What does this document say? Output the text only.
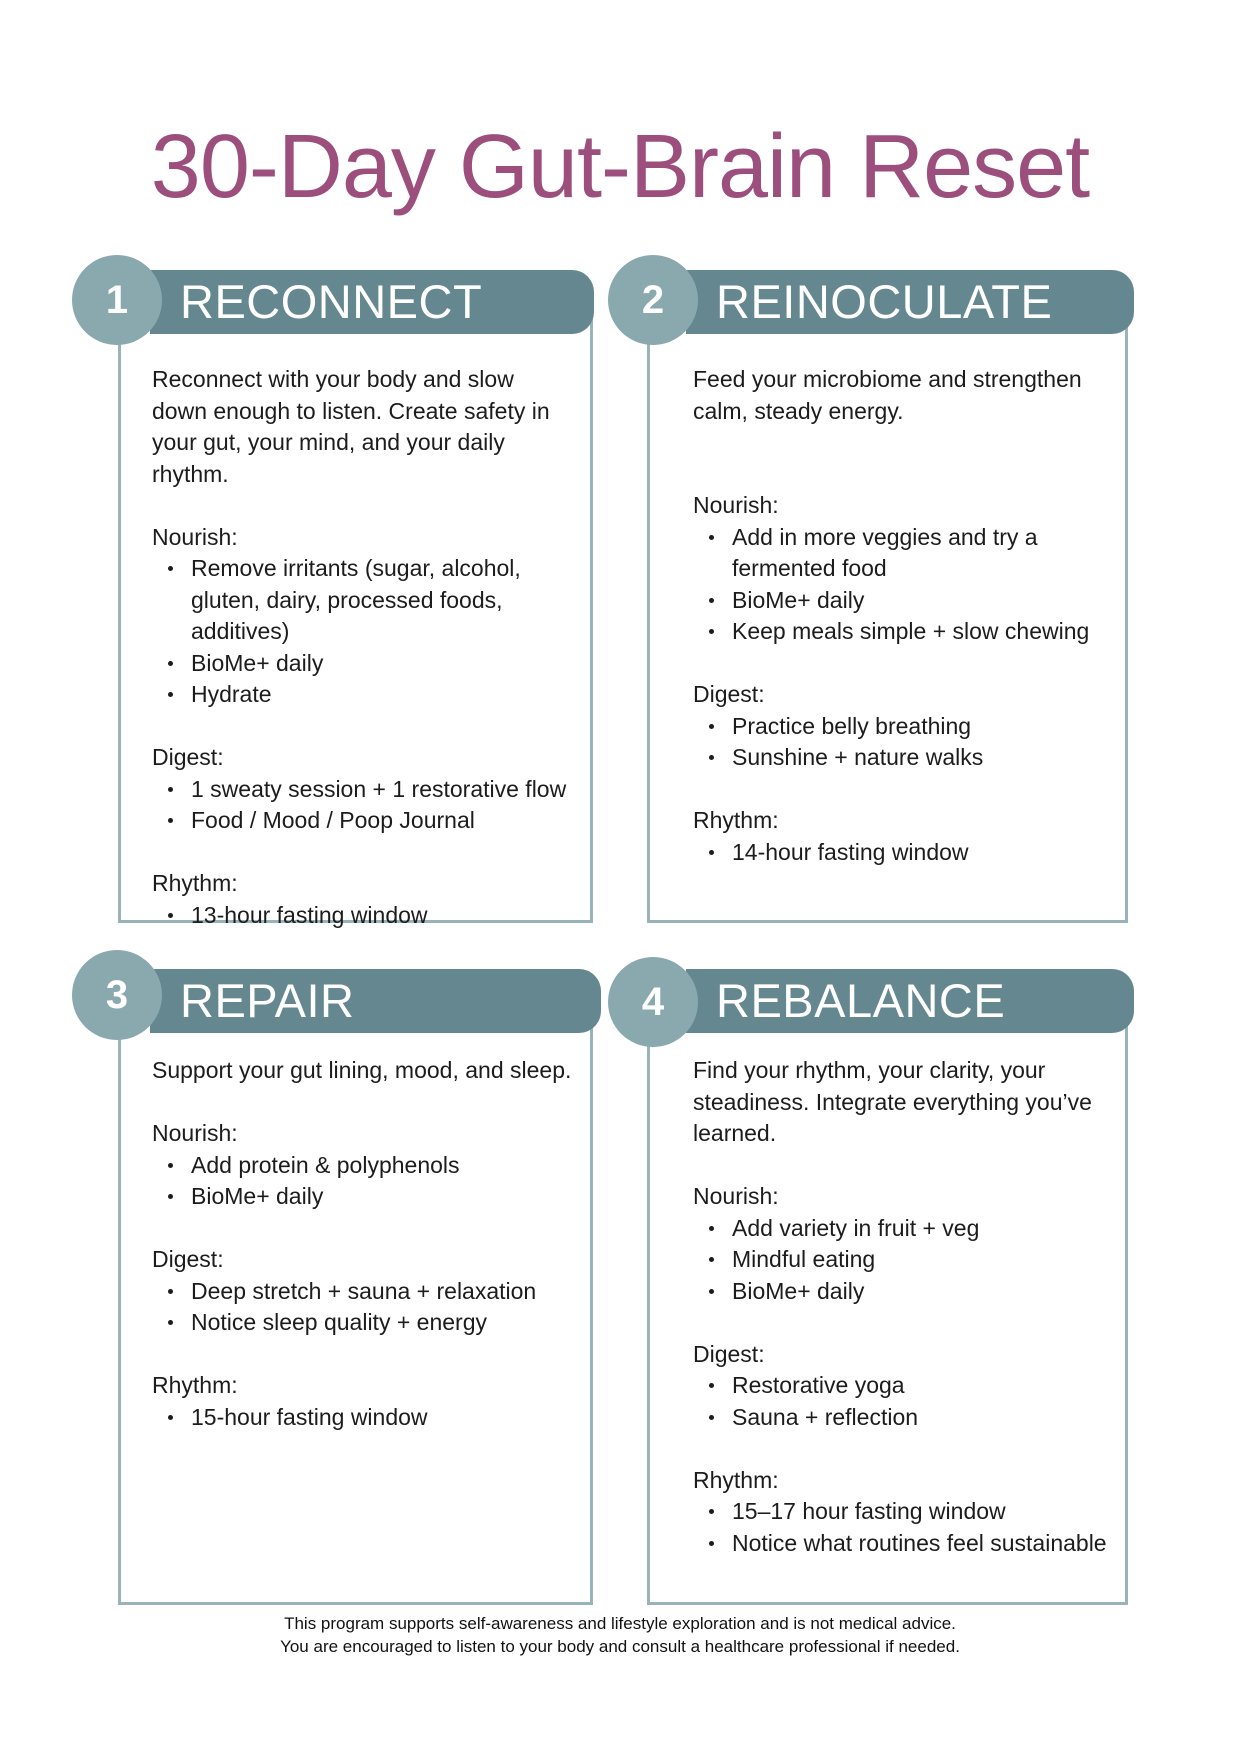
30-Day Gut-Brain Reset
RECONNECT
1

Reconnect with your body and slow down enough to listen. Create safety in your gut, your mind, and your daily rhythm.

Nourish:

Remove irritants (sugar, alcohol, gluten, dairy, processed foods, additives)
BioMe+ daily
Hydrate

Digest:

1 sweaty session + 1 restorative flow
Food / Mood / Poop Journal

Rhythm:

13-hour fasting window
REINOCULATE
2

Feed your microbiome and strengthen calm, steady energy.

Nourish:

Add in more veggies and try a fermented food
BioMe+ daily
Keep meals simple + slow chewing

Digest:

Practice belly breathing
Sunshine + nature walks

Rhythm:

14-hour fasting window
REPAIR
3

Support your gut lining, mood, and sleep.

Nourish:

Add protein & polyphenols
BioMe+ daily

Digest:

Deep stretch + sauna + relaxation
Notice sleep quality + energy

Rhythm:

15-hour fasting window
REBALANCE
4

Find your rhythm, your clarity, your steadiness. Integrate everything you’ve learned.

Nourish:

Add variety in fruit + veg
Mindful eating
BioMe+ daily

Digest:

Restorative yoga
Sauna + reflection

Rhythm:

15–17 hour fasting window
Notice what routines feel sustainable

This program supports self-awareness and lifestyle exploration and is not medical advice.

You are encouraged to listen to your body and consult a healthcare professional if needed.
